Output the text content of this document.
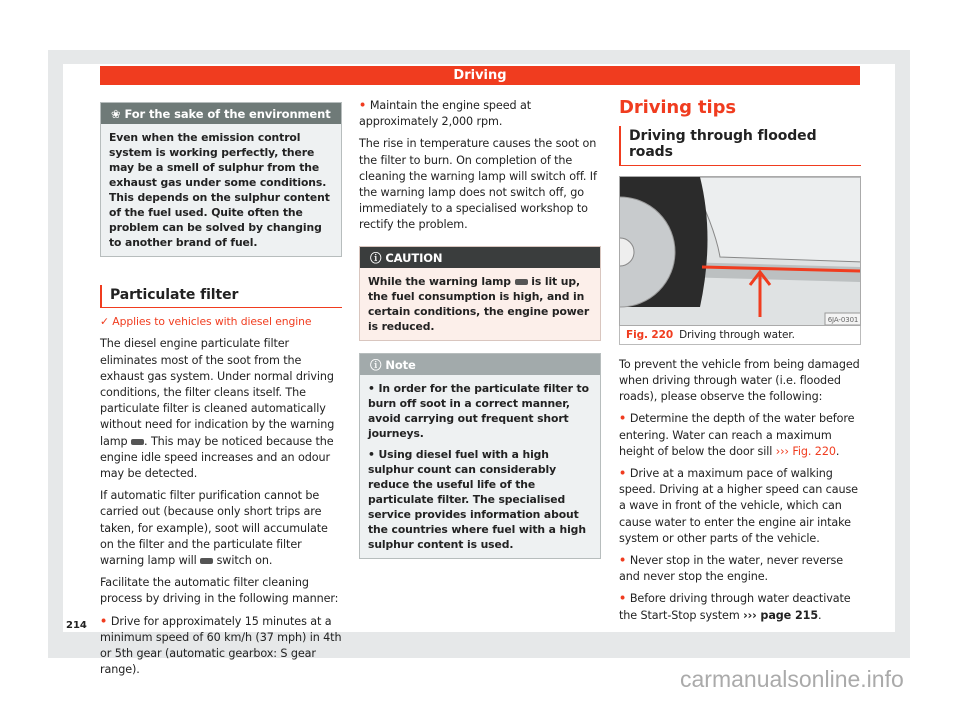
Driving
❀ For the sake of the environment
Even when the emission control system is working perfectly, there may be a smell of sulphur from the exhaust gas under some conditions. This depends on the sulphur content of the fuel used. Quite often the problem can be solved by changing to another brand of fuel.
Particulate filter
✓ Applies to vehicles with diesel engine

The diesel engine particulate filter eliminates most of the soot from the exhaust gas system. Under normal driving conditions, the filter cleans itself. The particulate filter is cleaned automatically without need for indication by the warning lamp . This may be noticed because the engine idle speed increases and an odour may be detected.

If automatic filter purification cannot be carried out (because only short trips are taken, for example), soot will accumulate on the filter and the particulate filter warning lamp will  switch on.

Facilitate the automatic filter cleaning process by driving in the following manner:

• Drive for approximately 15 minutes at a minimum speed of 60 km/h (37 mph) in 4th or 5th gear (automatic gearbox: S gear range).

• Maintain the engine speed at approximately 2,000 rpm.

The rise in temperature causes the soot on the filter to burn. On completion of the cleaning the warning lamp will switch off. If the warning lamp does not switch off, go immediately to a specialised workshop to rectify the problem.

ⓘ CAUTION
While the warning lamp  is lit up, the fuel consumption is high, and in certain conditions, the engine power is reduced.
ⓘ Note

• In order for the particulate filter to burn off soot in a correct manner, avoid carrying out frequent short journeys.

• Using diesel fuel with a high sulphur count can considerably reduce the useful life of the particulate filter. The specialised service provides information about the countries where fuel with a high sulphur content is used.

Driving tips
Driving through flooded roads
6JA-0301
Fig. 220 Driving through water.

To prevent the vehicle from being damaged when driving through water (i.e. flooded roads), please observe the following:

• Determine the depth of the water before entering. Water can reach a maximum height of below the door sill ››› Fig. 220.

• Drive at a maximum pace of walking speed. Driving at a higher speed can cause a wave in front of the vehicle, which can cause water to enter the engine air intake system or other parts of the vehicle.

• Never stop in the water, never reverse and never stop the engine.

• Before driving through water deactivate the Start-Stop system ››› page 215.

214
carmanualsonline.info
